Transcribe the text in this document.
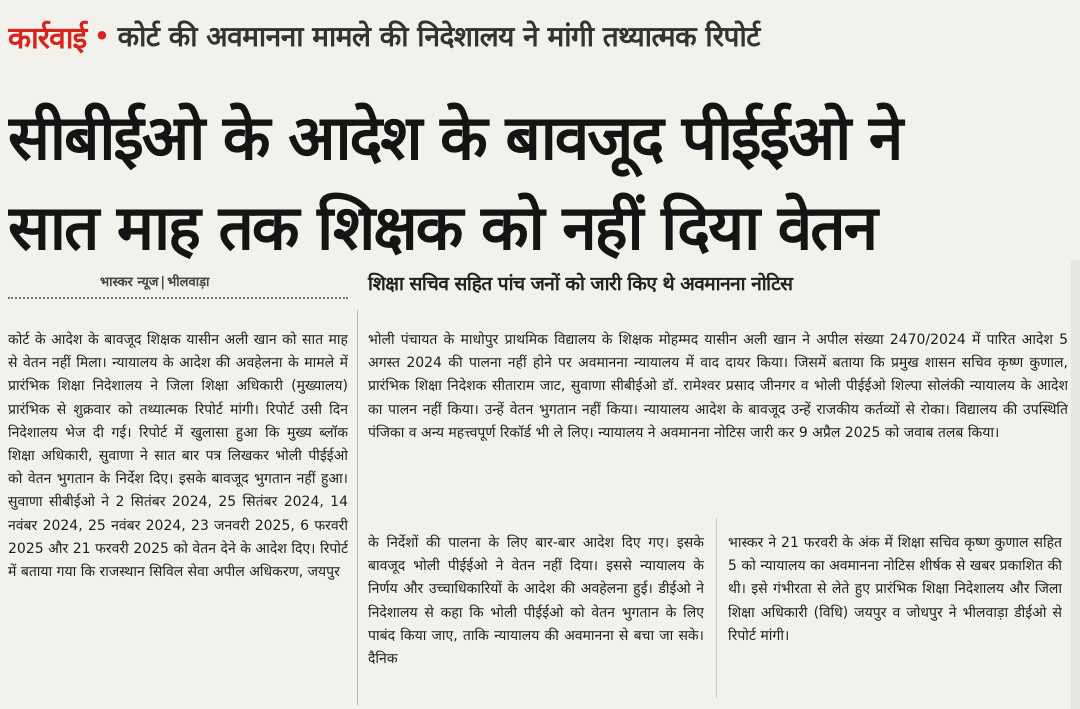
कार्रवाई • कोर्ट की अवमानना मामले की निदेशालय ने मांगी तथ्यात्मक रिपोर्ट
सीबीईओ के आदेश के बावजूद पीईईओ ने
सात माह तक शिक्षक को नहीं दिया वेतन
भास्कर न्यूज | भीलवाड़ा	शिक्षा सचिव सहित पांच जनों को जारी किए थे अवमानना नोटिस

कोर्ट के आदेश के बावजूद शिक्षक यासीन अली खान को सात माह से वेतन नहीं मिला। न्यायालय के आदेश की अवहेलना के मामले में प्रारंभिक शिक्षा निदेशालय ने जिला शिक्षा अधिकारी (मुख्यालय) प्रारंभिक से शुक्रवार को तथ्यात्मक रिपोर्ट मांगी। रिपोर्ट उसी दिन निदेशालय भेज दी गई। रिपोर्ट में खुलासा हुआ कि मुख्य ब्लॉक शिक्षा अधिकारी, सुवाणा ने सात बार पत्र लिखकर भोली पीईईओ को वेतन भुगतान के निर्देश दिए। इसके बावजूद भुगतान नहीं हुआ। सुवाणा सीबीईओ ने 2 सितंबर 2024, 25 सितंबर 2024, 14 नवंबर 2024, 25 नवंबर 2024, 23 जनवरी 2025, 6 फरवरी 2025 और 21 फरवरी 2025 को वेतन देने के आदेश दिए। रिपोर्ट में बताया गया कि राजस्थान सिविल सेवा अपील अधिकरण, जयपुर

भोली पंचायत के माधोपुर प्राथमिक विद्यालय के शिक्षक मोहम्मद यासीन अली खान ने अपील संख्या 2470/2024 में पारित आदेश 5 अगस्त 2024 की पालना नहीं होने पर अवमानना न्यायालय में वाद दायर किया। जिसमें बताया कि प्रमुख शासन सचिव कृष्ण कुणाल, प्रारंभिक शिक्षा निदेशक सीताराम जाट, सुवाणा सीबीईओ डॉ. रामेश्वर प्रसाद जीनगर व भोली पीईईओ शिल्पा सोलंकी न्यायालय के आदेश का पालन नहीं किया। उन्हें वेतन भुगतान नहीं किया। न्यायालय आदेश के बावजूद उन्हें राजकीय कर्तव्यों से रोका। विद्यालय की उपस्थिति पंजिका व अन्य महत्त्वपूर्ण रिकॉर्ड भी ले लिए। न्यायालय ने अवमानना नोटिस जारी कर 9 अप्रैल 2025 को जवाब तलब किया।

के निर्देशों की पालना के लिए बार-बार आदेश दिए गए। इसके बावजूद भोली पीईईओ ने वेतन नहीं दिया। इससे न्यायालय के निर्णय और उच्चाधिकारियों के आदेश की अवहेलना हुई। डीईओ ने निदेशालय से कहा कि भोली पीईईओ को वेतन भुगतान के लिए पाबंद किया जाए, ताकि न्यायालय की अवमानना से बचा जा सके। दैनिक

भास्कर ने 21 फरवरी के अंक में शिक्षा सचिव कृष्ण कुणाल सहित 5 को न्यायालय का अवमानना नोटिस शीर्षक से खबर प्रकाशित की थी। इसे गंभीरता से लेते हुए प्रारंभिक शिक्षा निदेशालय और जिला शिक्षा अधिकारी (विधि) जयपुर व जोधपुर ने भीलवाड़ा डीईओ से रिपोर्ट मांगी।
